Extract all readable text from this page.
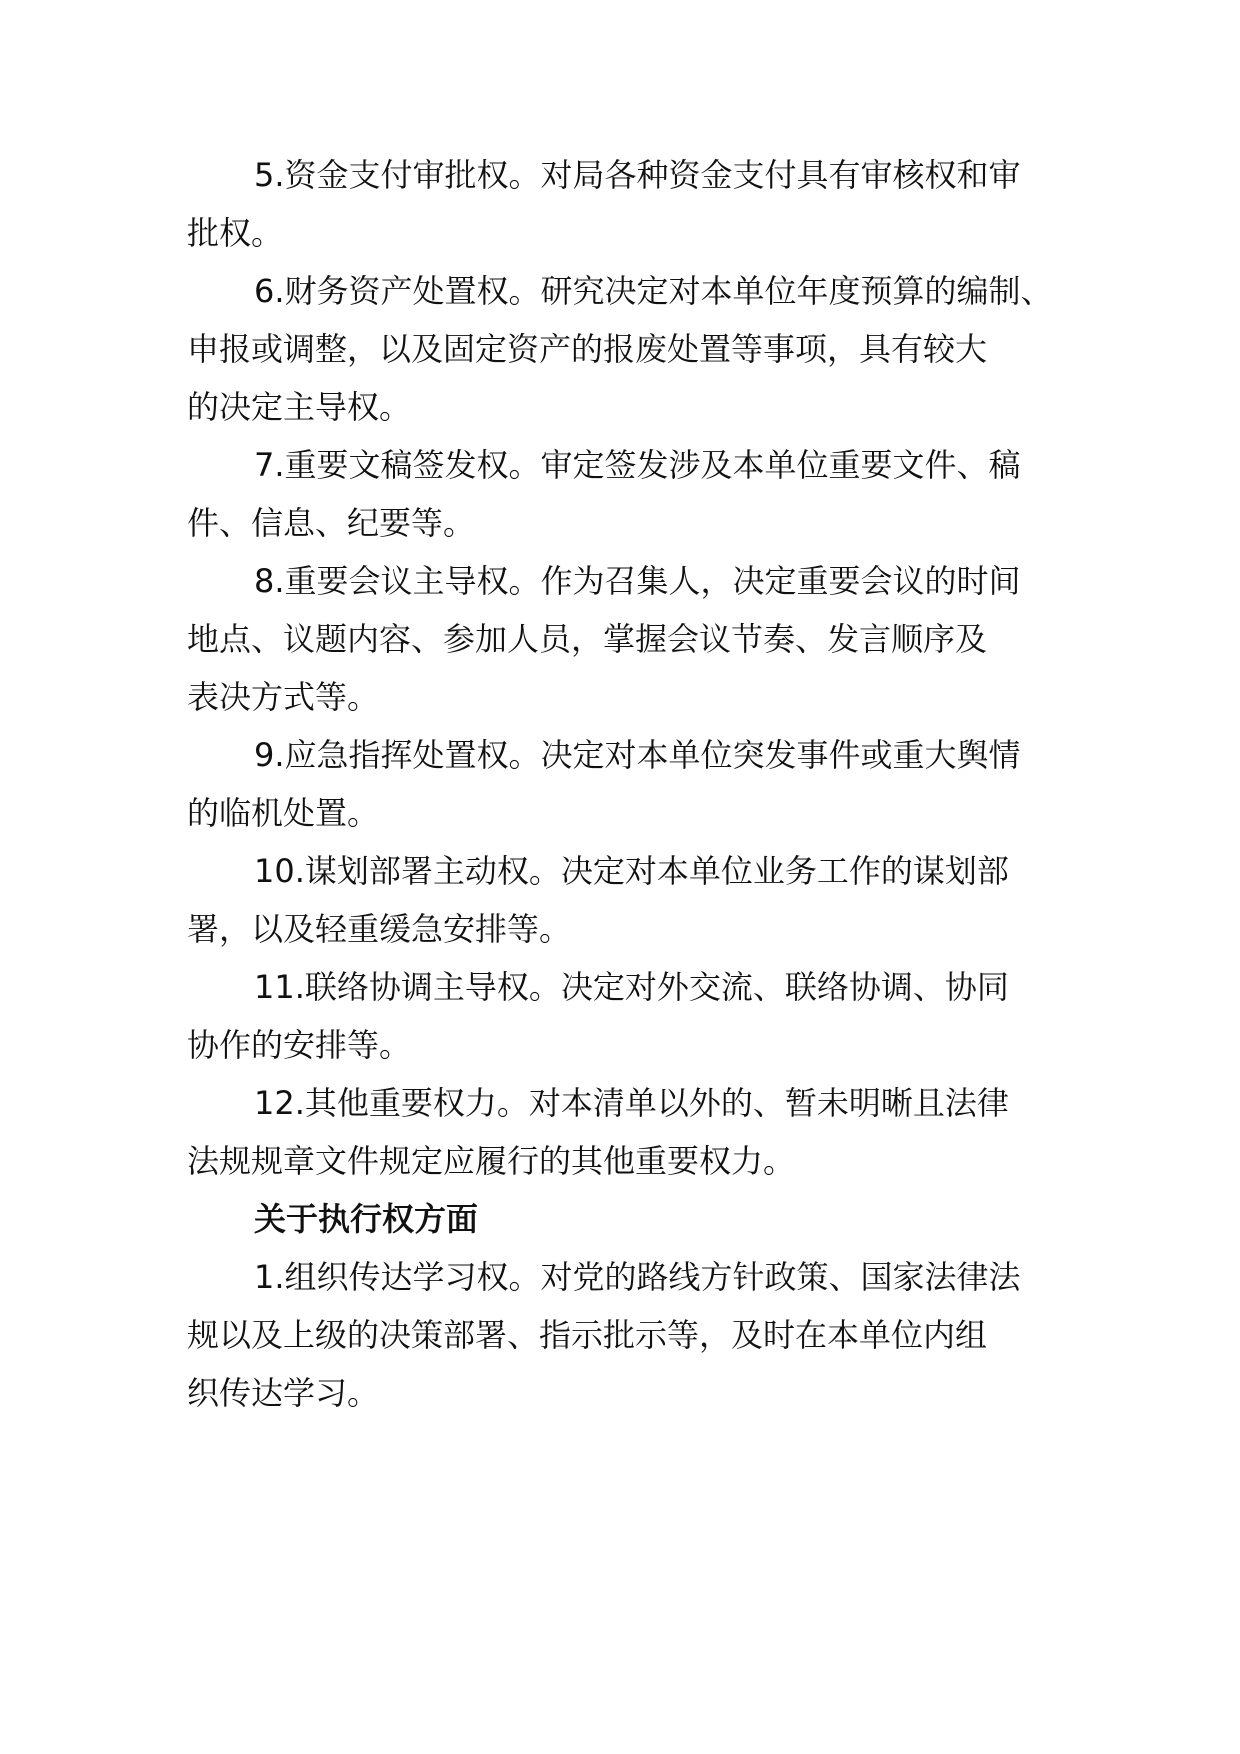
5.资金支付审批权。对局各种资金支付具有审核权和审
批权。
6.财务资产处置权。研究决定对本单位年度预算的编制、
申报或调整，以及固定资产的报废处置等事项，具有较大
的决定主导权。
7.重要文稿签发权。审定签发涉及本单位重要文件、稿
件、信息、纪要等。
8.重要会议主导权。作为召集人，决定重要会议的时间
地点、议题内容、参加人员，掌握会议节奏、发言顺序及
表决方式等。
9.应急指挥处置权。决定对本单位突发事件或重大舆情
的临机处置。
10.谋划部署主动权。决定对本单位业务工作的谋划部
署，以及轻重缓急安排等。
11.联络协调主导权。决定对外交流、联络协调、协同
协作的安排等。
12.其他重要权力。对本清单以外的、暂未明晰且法律
法规规章文件规定应履行的其他重要权力。
关于执行权方面
1.组织传达学习权。对党的路线方针政策、国家法律法
规以及上级的决策部署、指示批示等，及时在本单位内组
织传达学习。
